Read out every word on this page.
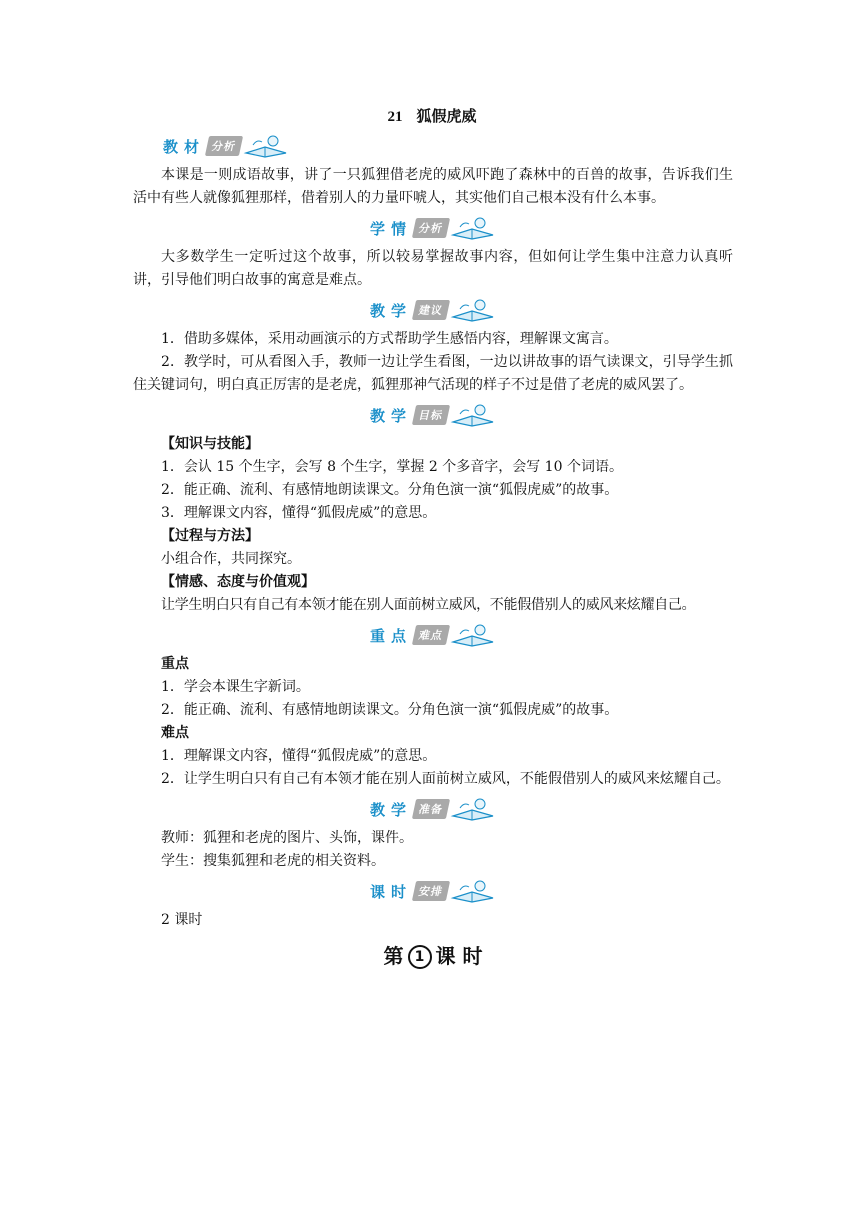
21 狐假虎威
教材 分析

本课是一则成语故事，讲了一只狐狸借老虎的威风吓跑了森林中的百兽的故事，告诉我们生活中有些人就像狐狸那样，借着别人的力量吓唬人，其实他们自己根本没有什么本事。

学情 分析

大多数学生一定听过这个故事，所以较易掌握故事内容，但如何让学生集中注意力认真听讲，引导他们明白故事的寓意是难点。

教学 建议

1．借助多媒体，采用动画演示的方式帮助学生感悟内容，理解课文寓言。

2．教学时，可从看图入手，教师一边让学生看图，一边以讲故事的语气读课文，引导学生抓住关键词句，明白真正厉害的是老虎，狐狸那神气活现的样子不过是借了老虎的威风罢了。

教学 目标

【知识与技能】

1．会认 15 个生字，会写 8 个生字，掌握 2 个多音字，会写 10 个词语。

2．能正确、流利、有感情地朗读课文。分角色演一演“狐假虎威”的故事。

3．理解课文内容，懂得“狐假虎威”的意思。

【过程与方法】

小组合作，共同探究。

【情感、态度与价值观】

让学生明白只有自己有本领才能在别人面前树立威风，不能假借别人的威风来炫耀自己。

重点 难点

重点

1．学会本课生字新词。

2．能正确、流利、有感情地朗读课文。分角色演一演“狐假虎威”的故事。

难点

1．理解课文内容，懂得“狐假虎威”的意思。

2．让学生明白只有自己有本领才能在别人面前树立威风，不能假借别人的威风来炫耀自己。

教学 准备

教师：狐狸和老虎的图片、头饰，课件。

学生：搜集狐狸和老虎的相关资料。

课时 安排

2 课时

第 1 课 时
